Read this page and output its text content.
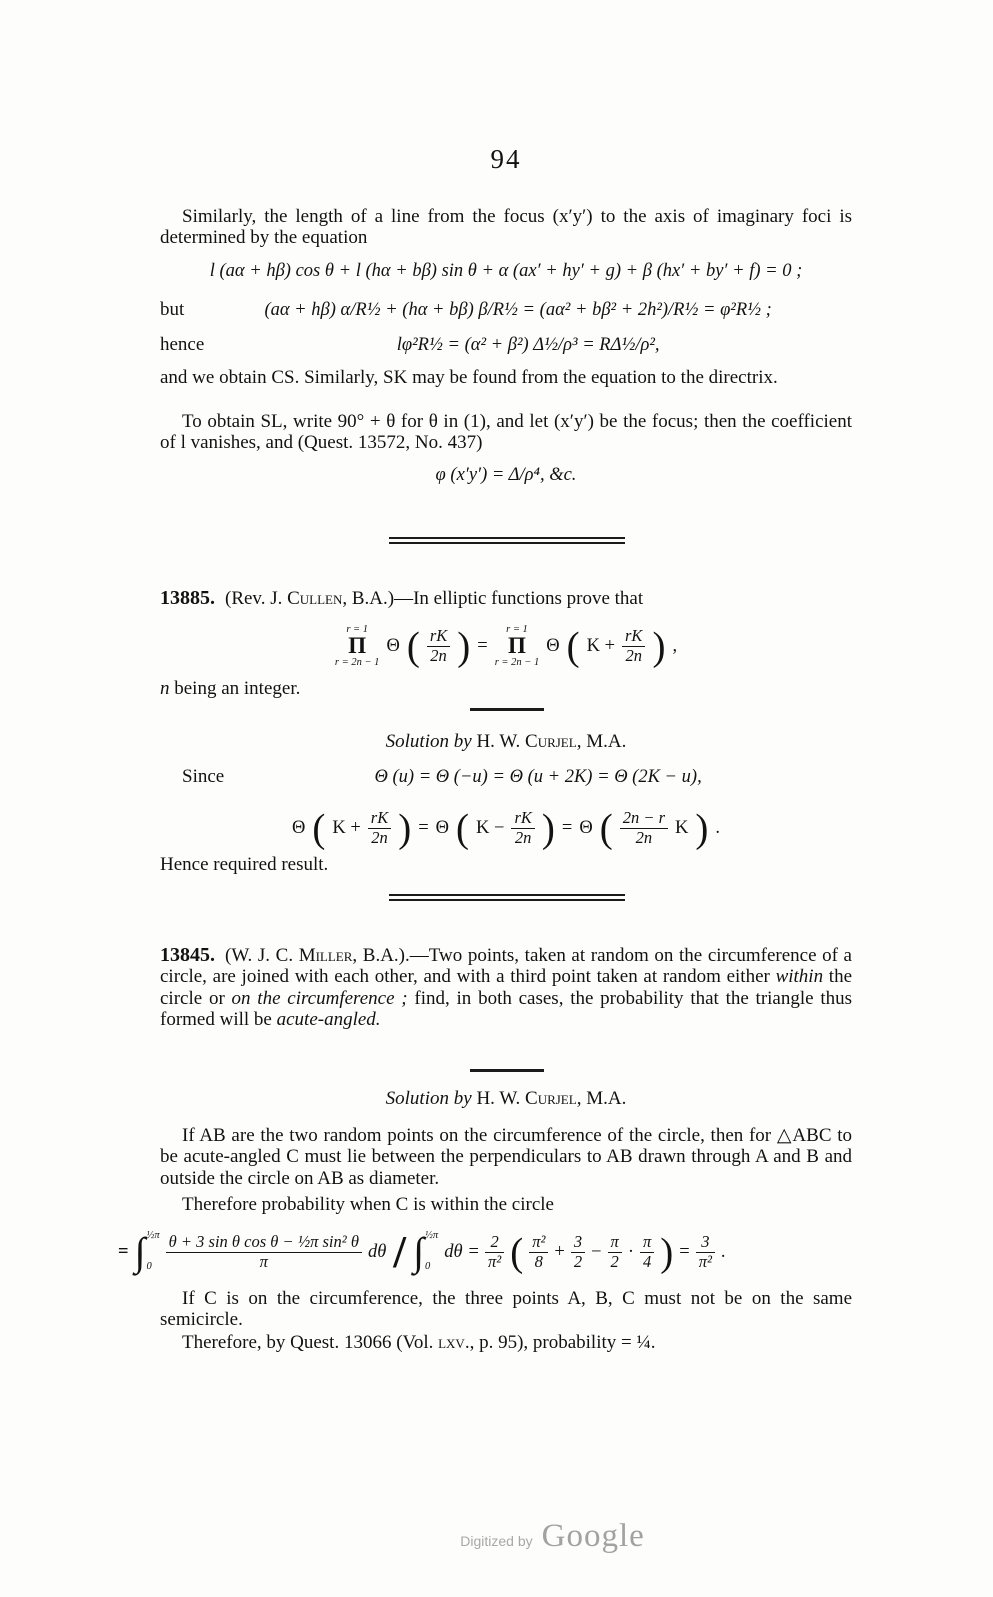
94
Similarly, the length of a line from the focus (x′y′) to the axis of imaginary foci is determined by the equation
l (aα + hβ) cos θ + l (hα + bβ) sin θ + α (ax′ + hy′ + g) + β (hx′ + by′ + f) = 0 ;
but	(aα + hβ) α/R½ + (hα + bβ) β/R½ = (aα² + bβ² + 2h²)/R½ = φ²R½ ;
hence	lφ²R½ = (α² + β²) Δ½/ρ³ = RΔ½/ρ²,
and we obtain CS. Similarly, SK may be found from the equation to the directrix.
To obtain SL, write 90° + θ for θ in (1), and let (x′y′) be the focus; then the coefficient of l vanishes, and (Quest. 13572, No. 437)
φ (x′y′) = Δ/ρ⁴, &c.
13885. (Rev. J. Cullen, B.A.)—In elliptic functions prove that
r = 1
Π
r = 2n − 1
Θ ( $\frac{rK}{2n}$ ) =
r = 1
Π
r = 2n − 1
Θ ( $K + \frac{rK}{2n}$ ) ,
n being an integer.
Solution by H. W. Curjel, M.A.
Since	Θ (u) = Θ (−u) = Θ (u + 2K) = Θ (2K − u),
Θ ( $K + \frac{rK}{2n}$ ) = Θ ( $K - \frac{rK}{2n}$ ) = Θ ( $\frac{2n - r}{2n}$ K ) .
Hence required result.
13845. (W. J. C. Miller, B.A.).—Two points, taken at random on the circumference of a circle, are joined with each other, and with a third point taken at random either within the circle or on the circumference ; find, in both cases, the probability that the triangle thus formed will be acute-angled.
Solution by H. W. Curjel, M.A.
If AB are the two random points on the circumference of the circle, then for △ABC to be acute-angled C must lie between the perpendiculars to AB drawn through A and B and outside the circle on AB as diameter.
Therefore probability when C is within the circle
= ∫ ½π
$0 \frac{\text{θ + 3 sin θ cos θ − ½π sin² θ}}{\pi}$ dθ / ∫ ½π
0
$d\theta = \frac{2}{\text{π²}}$ ( $\frac{\text{π²}}{8} + \frac{3}{2} - \frac{\pi}{2} \cdot \frac{\pi}{4}$ ) = $\frac{3}{\text{π²}}$ .
If C is on the circumference, the three points A, B, C must not be on the same semicircle.
Therefore, by Quest. 13066 (Vol. lxv., p. 95), probability = ¼.
Digitized by Google
